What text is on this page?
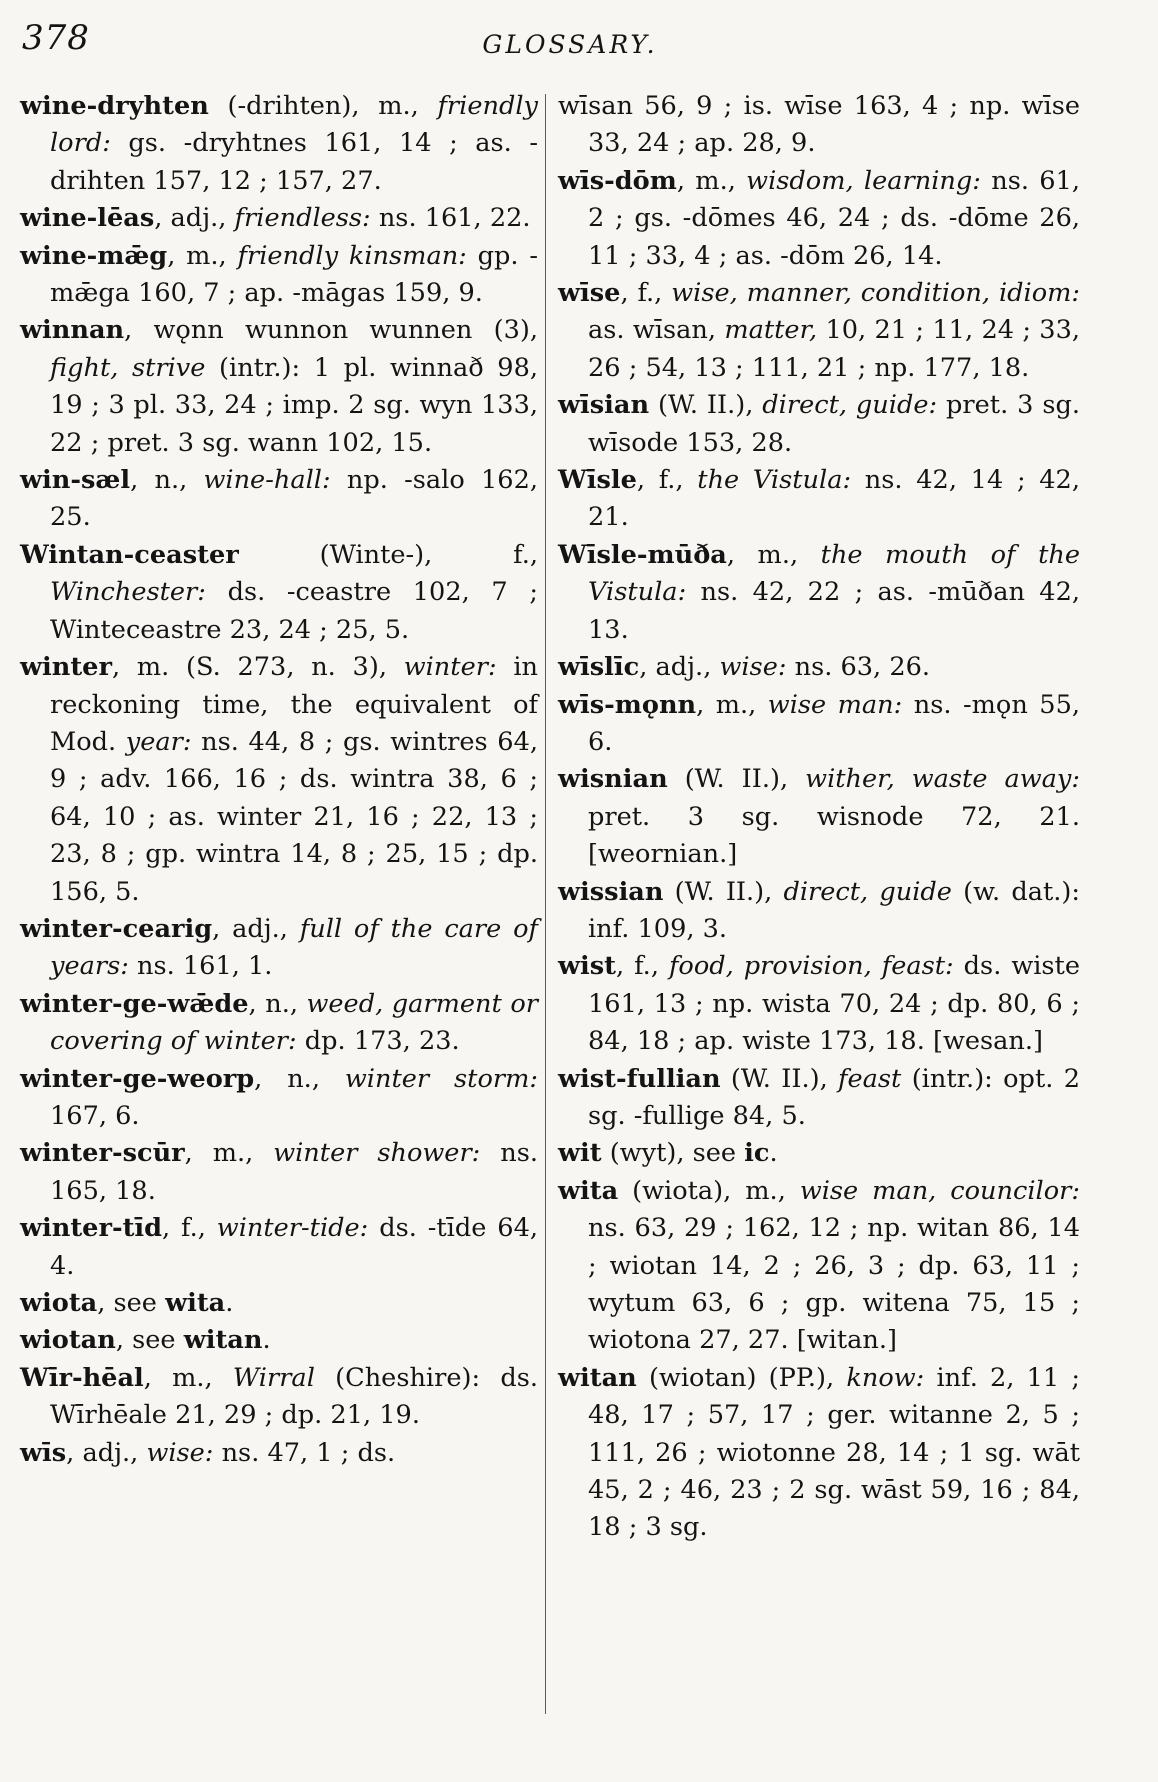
378	GLOSSARY.
wine-dryhten (-drihten), m., friendly lord: gs. -dryhtnes 161, 14 ; as. -drihten 157, 12 ; 157, 27.
wine-lēas, adj., friendless: ns. 161, 22.
wine-mǣg, m., friendly kinsman: gp. -mǣga 160, 7 ; ap. -māgas 159, 9.
winnan, wǫnn wunnon wunnen (3), fight, strive (intr.): 1 pl. winnað 98, 19 ; 3 pl. 33, 24 ; imp. 2 sg. wyn 133, 22 ; pret. 3 sg. wann 102, 15.
win-sæl, n., wine-hall: np. -salo 162, 25.
Wintan-ceaster (Winte-), f., Winchester: ds. -ceastre 102, 7 ; Winteceastre 23, 24 ; 25, 5.
winter, m. (S. 273, n. 3), winter: in reckoning time, the equivalent of Mod. year: ns. 44, 8 ; gs. wintres 64, 9 ; adv. 166, 16 ; ds. wintra 38, 6 ; 64, 10 ; as. winter 21, 16 ; 22, 13 ; 23, 8 ; gp. wintra 14, 8 ; 25, 15 ; dp. 156, 5.
winter-cearig, adj., full of the care of years: ns. 161, 1.
winter-ge-wǣde, n., weed, garment or covering of winter: dp. 173, 23.
winter-ge-weorp, n., winter storm: 167, 6.
winter-scūr, m., winter shower: ns. 165, 18.
winter-tīd, f., winter-tide: ds. -tīde 64, 4.
wiota, see wita.
wiotan, see witan.
Wīr-hēal, m., Wirral (Cheshire): ds. Wīrhēale 21, 29 ; dp. 21, 19.
wīs, adj., wise: ns. 47, 1 ; ds.
wīsan 56, 9 ; is. wīse 163, 4 ; np. wīse 33, 24 ; ap. 28, 9.
wīs-dōm, m., wisdom, learning: ns. 61, 2 ; gs. -dōmes 46, 24 ; ds. -dōme 26, 11 ; 33, 4 ; as. -dōm 26, 14.
wīse, f., wise, manner, condition, idiom: as. wīsan, matter, 10, 21 ; 11, 24 ; 33, 26 ; 54, 13 ; 111, 21 ; np. 177, 18.
wīsian (W. II.), direct, guide: pret. 3 sg. wīsode 153, 28.
Wīsle, f., the Vistula: ns. 42, 14 ; 42, 21.
Wīsle-mūða, m., the mouth of the Vistula: ns. 42, 22 ; as. -mūðan 42, 13.
wīslīc, adj., wise: ns. 63, 26.
wīs-mǫnn, m., wise man: ns. -mǫn 55, 6.
wisnian (W. II.), wither, waste away: pret. 3 sg. wisnode 72, 21. [weornian.]
wissian (W. II.), direct, guide (w. dat.): inf. 109, 3.
wist, f., food, provision, feast: ds. wiste 161, 13 ; np. wista 70, 24 ; dp. 80, 6 ; 84, 18 ; ap. wiste 173, 18. [wesan.]
wist-fullian (W. II.), feast (intr.): opt. 2 sg. -fullige 84, 5.
wit (wyt), see ic.
wita (wiota), m., wise man, councilor: ns. 63, 29 ; 162, 12 ; np. witan 86, 14 ; wiotan 14, 2 ; 26, 3 ; dp. 63, 11 ; wytum 63, 6 ; gp. witena 75, 15 ; wiotona 27, 27. [witan.]
witan (wiotan) (PP.), know: inf. 2, 11 ; 48, 17 ; 57, 17 ; ger. witanne 2, 5 ; 111, 26 ; wiotonne 28, 14 ; 1 sg. wāt 45, 2 ; 46, 23 ; 2 sg. wāst 59, 16 ; 84, 18 ; 3 sg.
